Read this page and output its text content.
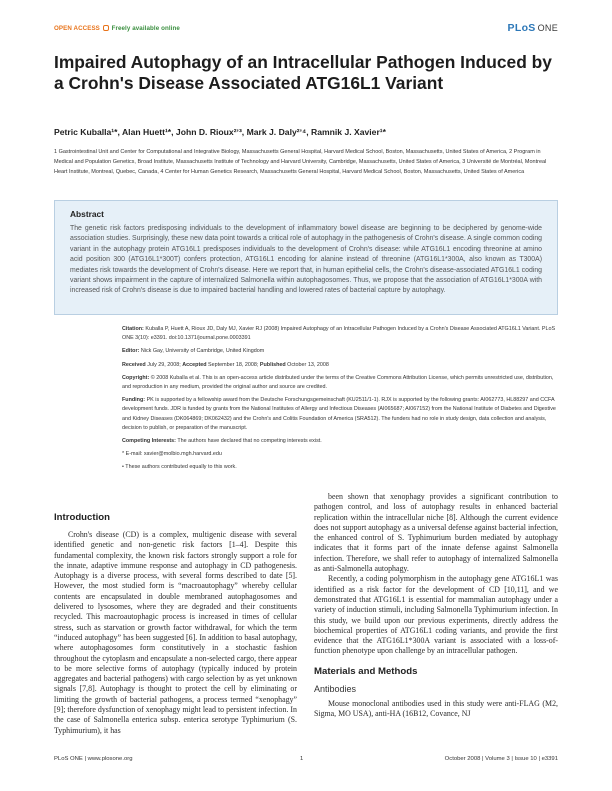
OPEN ACCESS Freely available online	PLoS ONE
Impaired Autophagy of an Intracellular Pathogen Induced by a Crohn's Disease Associated ATG16L1 Variant
Petric Kuballa¹*, Alan Huett¹*, John D. Rioux²ʼ³, Mark J. Daly²ʼ⁴, Ramnik J. Xavier¹*
1 Gastrointestinal Unit and Center for Computational and Integrative Biology, Massachusetts General Hospital, Harvard Medical School, Boston, Massachusetts, United States of America, 2 Program in Medical and Population Genetics, Broad Institute, Massachusetts Institute of Technology and Harvard University, Cambridge, Massachusetts, United States of America, 3 Université de Montréal, Montreal Heart Institute, Montreal, Quebec, Canada, 4 Center for Human Genetics Research, Massachusetts General Hospital, Harvard Medical School, Boston, Massachusetts, United States of America
Abstract

The genetic risk factors predisposing individuals to the development of inflammatory bowel disease are beginning to be deciphered by genome-wide association studies. Surprisingly, these new data point towards a critical role of autophagy in the pathogenesis of Crohn's disease. A single common coding variant in the autophagy protein ATG16L1 predisposes individuals to the development of Crohn's disease: while ATG16L1 encoding threonine at amino acid position 300 (ATG16L1*300T) confers protection, ATG16L1 encoding for alanine instead of threonine (ATG16L1*300A, also known as T300A) mediates risk towards the development of Crohn's disease. Here we report that, in human epithelial cells, the Crohn's disease-associated ATG16L1 coding variant shows impairment in the capture of internalized Salmonella within autophagosomes. Thus, we propose that the association of ATG16L1*300A with increased risk of Crohn's disease is due to impaired bacterial handling and lowered rates of bacterial capture by autophagy.

Citation: Kuballa P, Huett A, Rioux JD, Daly MJ, Xavier RJ (2008) Impaired Autophagy of an Intracellular Pathogen Induced by a Crohn's Disease Associated ATG16L1 Variant. PLoS ONE 3(10): e3391. doi:10.1371/journal.pone.0003391
Editor: Nick Gay, University of Cambridge, United Kingdom
Received July 29, 2008; Accepted September 18, 2008; Published October 13, 2008
Copyright: © 2008 Kuballa et al. This is an open-access article distributed under the terms of the Creative Commons Attribution License, which permits unrestricted use, distribution, and reproduction in any medium, provided the original author and source are credited.
Funding: PK is supported by a fellowship award from the Deutsche Forschungsgemeinschaft (KU2511/1-1). RJX is supported by the following grants: AI062773, HL88297 and CCFA development funds. JDR is funded by grants from the National Institutes of Allergy and Infectious Diseases (AI065687; AI067152) from the National Institute of Diabetes and Digestive and Kidney Diseases (DK064869; DK062432) and the Crohn's and Colitis Foundation of America (SRA512). The funders had no role in study design, data collection and analysis, decision to publish, or preparation of the manuscript.
Competing Interests: The authors have declared that no competing interests exist.
* E-mail: xavier@molbio.mgh.harvard.edu
• These authors contributed equally to this work.
Introduction

Crohn's disease (CD) is a complex, multigenic disease with several identified genetic and non-genetic risk factors [1–4]. Despite this fundamental complexity, the known risk factors strongly support a role for the innate, adaptive immune response and autophagy in CD pathogenesis. Autophagy is a diverse process, with several forms described to date [5]. However, the most studied form is “macroautophagy” whereby cellular contents are encapsulated in double membraned autophagosomes and delivered to lysosomes, where they are degraded and their constituents recycled. This macroautophagic process is increased in times of cellular stress, such as starvation or growth factor withdrawal, for which the term “induced autophagy” has been suggested [6]. In addition to basal autophagy, where autophagosomes form constitutively in a stochastic fashion throughout the cytoplasm and encapsulate a non-selected cargo, there appear to be more selective forms of autophagy (typically induced by protein aggregates and bacterial pathogens) with cargo selection by as yet unknown signals [7,8]. Autophagy is thought to protect the cell by eliminating or limiting the growth of bacterial pathogens, a process termed “xenophagy” [9]; therefore dysfunction of xenophagy might lead to persistent infection. In the case of Salmonella enterica subsp. enterica serotype Typhimurium (S. Typhimurium), it has

been shown that xenophagy provides a significant contribution to pathogen control, and loss of autophagy results in enhanced bacterial replication within the intracellular niche [8]. Although the current evidence does not support autophagy as a universal defense against bacterial infection, the enhanced control of S. Typhimurium burden mediated by autophagy indicates that it forms part of the innate defense against Salmonella infection. Therefore, we shall refer to autophagy of internalized Salmonella as anti-Salmonella autophagy.

Recently, a coding polymorphism in the autophagy gene ATG16L1 was identified as a risk factor for the development of CD [10,11], and we demonstrated that ATG16L1 is essential for mammalian autophagy under a variety of induction stimuli, including Salmonella Typhimurium infection. In this study, we build upon our previous experiments, directly address the biochemical properties of ATG16L1 coding variants, and provide the first evidence that the ATG16L1*300A variant is associated with a loss-of-function phenotype upon challenge by an intracellular pathogen.

Materials and Methods
Antibodies

Mouse monoclonal antibodies used in this study were anti-FLAG (M2, Sigma, MO USA), anti-HA (16B12, Covance, NJ

PLoS ONE | www.plosone.org	1	October 2008 | Volume 3 | Issue 10 | e3391
